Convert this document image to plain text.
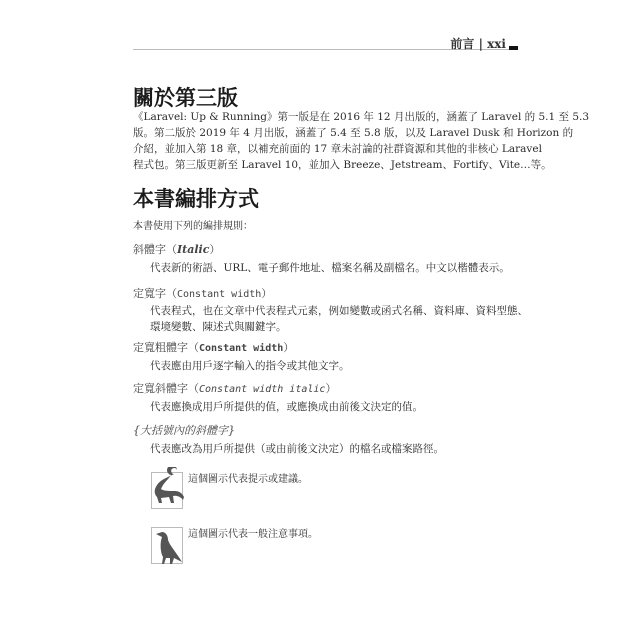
前言 | xxi
關於第三版
《Laravel: Up & Running》第一版是在 2016 年 12 月出版的，涵蓋了 Laravel 的 5.1 至 5.3
版。第二版於 2019 年 4 月出版，涵蓋了 5.4 至 5.8 版，以及 Laravel Dusk 和 Horizon 的
介紹，並加入第 18 章，以補充前面的 17 章未討論的社群資源和其他的非核心 Laravel
程式包。第三版更新至 Laravel 10，並加入 Breeze、Jetstream、Fortify、Vite…等。
本書編排方式
本書使用下列的編排規則：
斜體字（Italic）
代表新的術語、URL、電子郵件地址、檔案名稱及副檔名。中文以楷體表示。
定寬字（Constant width）
代表程式，也在文章中代表程式元素，例如變數或函式名稱、資料庫、資料型態、
環境變數、陳述式與關鍵字。
定寬粗體字（Constant width）
代表應由用戶逐字輸入的指令或其他文字。
定寬斜體字（Constant width italic）
代表應換成用戶所提供的值，或應換成由前後文決定的值。
{大括號內的斜體字}
代表應改為用戶所提供（或由前後文決定）的檔名或檔案路徑。
這個圖示代表提示或建議。
這個圖示代表一般注意事項。
